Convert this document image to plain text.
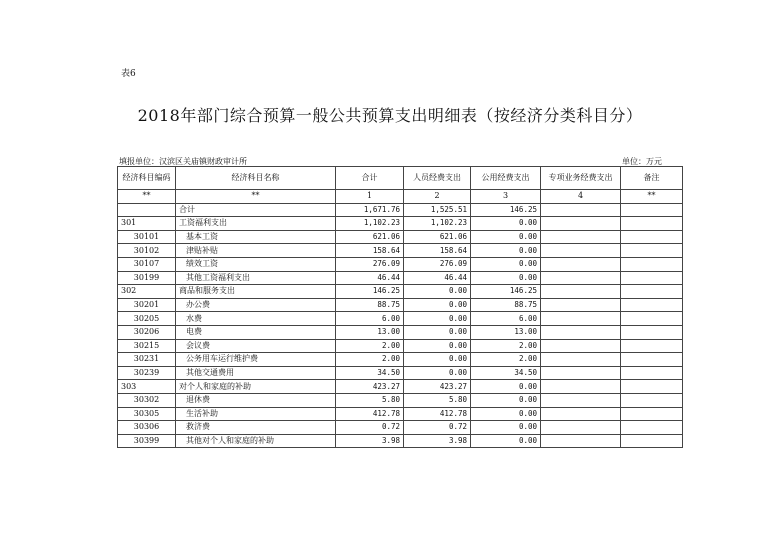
表6
2018年部门综合预算一般公共预算支出明细表（按经济分类科目分）
填报单位：汉滨区关庙镇财政审计所	单位：万元
经济科目编码	经济科目名称	合计	人员经费支出	公用经费支出	专项业务经费支出	备注
**	**	1	2	3	4	**
	合计	1,671.76	1,525.51	146.25		
301	工资福利支出	1,102.23	1,102.23	0.00		
30101	基本工资	621.06	621.06	0.00		
30102	津贴补贴	158.64	158.64	0.00		
30107	绩效工资	276.09	276.09	0.00		
30199	其他工资福利支出	46.44	46.44	0.00		
302	商品和服务支出	146.25	0.00	146.25		
30201	办公费	88.75	0.00	88.75		
30205	水费	6.00	0.00	6.00		
30206	电费	13.00	0.00	13.00		
30215	会议费	2.00	0.00	2.00		
30231	公务用车运行维护费	2.00	0.00	2.00		
30239	其他交通费用	34.50	0.00	34.50		
303	对个人和家庭的补助	423.27	423.27	0.00		
30302	退休费	5.80	5.80	0.00		
30305	生活补助	412.78	412.78	0.00		
30306	救济费	0.72	0.72	0.00		
30399	其他对个人和家庭的补助	3.98	3.98	0.00		
